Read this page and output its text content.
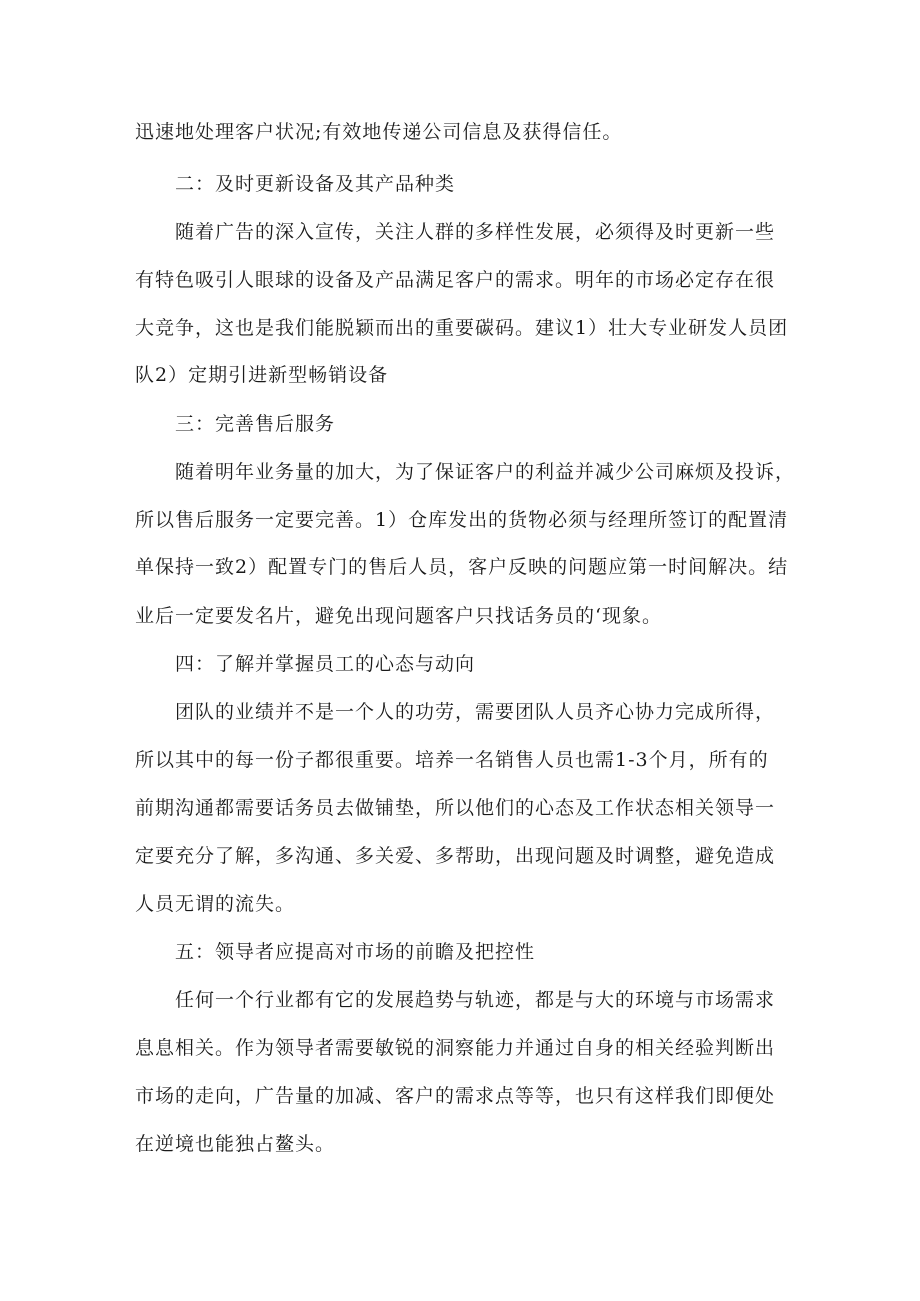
迅速地处理客户状况;有效地传递公司信息及获得信任。
二：及时更新设备及其产品种类
随着广告的深入宣传，关注人群的多样性发展，必须得及时更新一些
有特色吸引人眼球的设备及产品满足客户的需求。明年的市场必定存在很
大竞争，这也是我们能脱颖而出的重要碳码。建议1）壮大专业研发人员团
队2）定期引进新型畅销设备
三：完善售后服务
随着明年业务量的加大，为了保证客户的利益并减少公司麻烦及投诉，
所以售后服务一定要完善。1）仓库发出的货物必须与经理所签订的配置清
单保持一致2）配置专门的售后人员，客户反映的问题应第一时间解决。结
业后一定要发名片，避免出现问题客户只找话务员的‘现象。
四：了解并掌握员工的心态与动向
团队的业绩并不是一个人的功劳，需要团队人员齐心协力完成所得，
所以其中的每一份子都很重要。培养一名销售人员也需1-3个月，所有的
前期沟通都需要话务员去做铺垫，所以他们的心态及工作状态相关领导一
定要充分了解，多沟通、多关爱、多帮助，出现问题及时调整，避免造成
人员无谓的流失。
五：领导者应提高对市场的前瞻及把控性
任何一个行业都有它的发展趋势与轨迹，都是与大的环境与市场需求
息息相关。作为领导者需要敏锐的洞察能力并通过自身的相关经验判断出
市场的走向，广告量的加减、客户的需求点等等，也只有这样我们即便处
在逆境也能独占鳌头。
